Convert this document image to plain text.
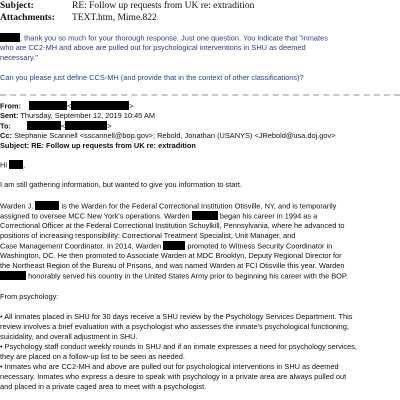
Subject:	RE: Follow up requests from UK re: extradition
Attachments: TEXT.htm, Mime.822
, thank you so much for your thorough response. Just one question. You indicate that "inmates
who are CC2-MH and above are pulled out for psychological interventions in SHU as deemed
necessary."
Can you please just define CCS-MH (and provide that in the context of other classifications)?
From:	<	>
Sent: Thursday, September 12, 2019 10:45 AM
To:	<	>
Cc: Stephanie Scannell <sscannell@bop.gov>; Rebold, Jonathan (USANYS) <JRebold@usa.doj.gov>
Subject: RE: Follow up requests from UK re: extradition
Hi ,
I am still gathering information, but wanted to give you information to start.
Warden J.	is the Warden for the Federal Correctional Institution Otisville, NY, and is temporarily
assigned to oversee MCC New York's operations. Warden	began his career in 1994 as a
Correctional Officer at the Federal Correctional Institution Schuylkill, Pennsylvania, where he advanced to
positions of increasing responsibility: Correctional Treatment Specialist, Unit Manager, and
Case Management Coordinator. In 2014, Warden	promoted to Witness Security Coordinator in
Washington, DC. He then promoted to Associate Warden at MDC Brooklyn, Deputy Regional Director for
the Northeast Region of the Bureau of Prisons, and was named Warden at FCI Otisville this year. Warden
honorably served his country in the United States Army prior to beginning his career with the BOP.
From psychology:
• All inmates placed in SHU for 30 days receive a SHU review by the Psychology Services Department. This
review involves a brief evaluation with a psychologist who assesses the inmate's psychological functioning,
suicidality, and overall adjustment in SHU.
• Psychology staff conduct weekly rounds in SHU and if an inmate expresses a need for psychology services,
they are placed on a follow-up list to be seen as needed.
• Inmates who are CC2-MH and above are pulled out for psychological interventions in SHU as deemed
necessary. Inmates who express a desire to speak with psychology in a private area are always pulled out
and placed in a private caged area to meet with a psychologist.
